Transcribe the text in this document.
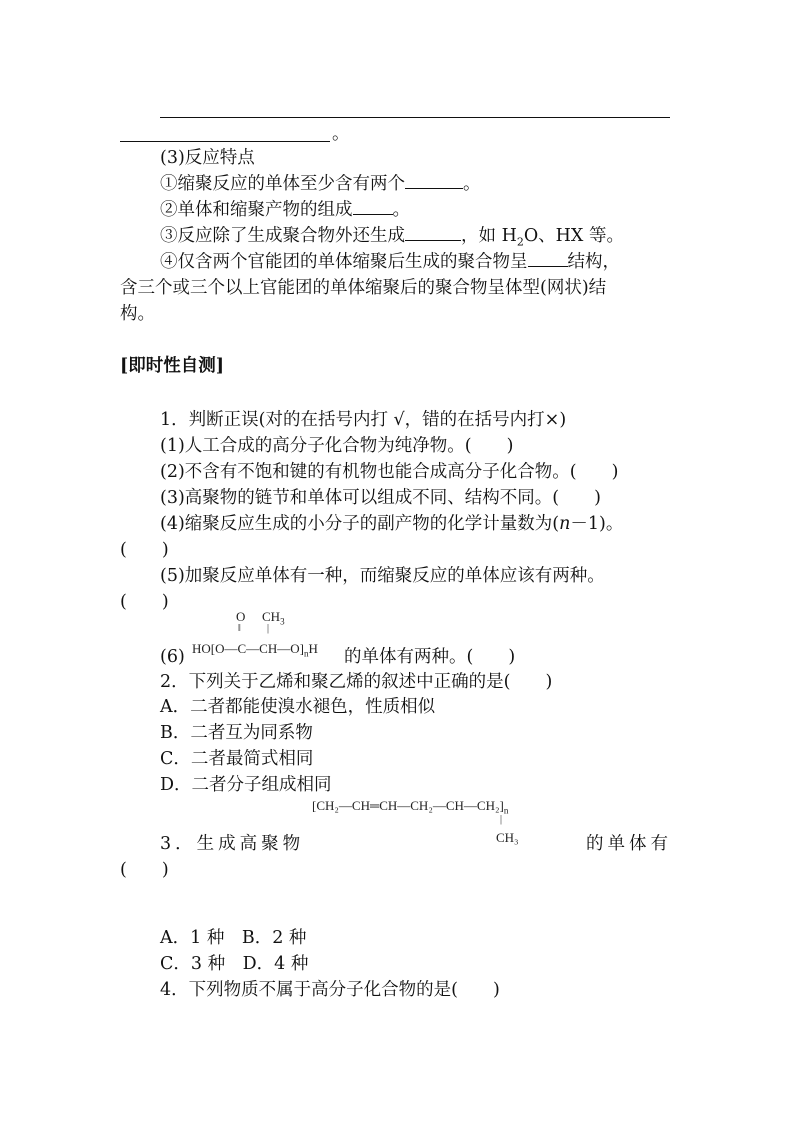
。
(3)反应特点
①缩聚反应的单体至少含有两个	。
②单体和缩聚产物的组成 。
③反应除了生成聚合物外还生成	，如 $H_2O$、HX 等。
④仅含两个官能团的单体缩聚后生成的聚合物呈 结构，
含三个或三个以上官能团的单体缩聚后的聚合物呈体型(网状)结
构。
[即时性自测]
1．判断正误(对的在括号内打 √，错的在括号内打×)
(1)人工合成的高分子化合物为纯净物。(　　)
(2)不含有不饱和键的有机物也能合成高分子化合物。(　　)
(3)高聚物的链节和单体可以组成不同、结构不同。(　　)
(4)缩聚反应生成的小分子的副产物的化学计量数为(n－1)。
(　　)
(5)加聚反应单体有一种，而缩聚反应的单体应该有两种。
(　　)
O
‖
$CH_3$
|
$HO[O—C—CH—O]_nH$
(6)	的单体有两种。(　　)
2．下列关于乙烯和聚乙烯的叙述中正确的是(　　)
A．二者都能使溴水褪色，性质相似
B．二者互为同系物
C．二者最简式相同
D．二者分子组成相同
$[CH_2—CH═CH—CH_2—CH—CH_2]_n$
|
CH₃
3．生成高聚物	的单体有
(　　)
A．1 种　B．2 种
C．3 种　D．4 种
4．下列物质不属于高分子化合物的是(　　)
